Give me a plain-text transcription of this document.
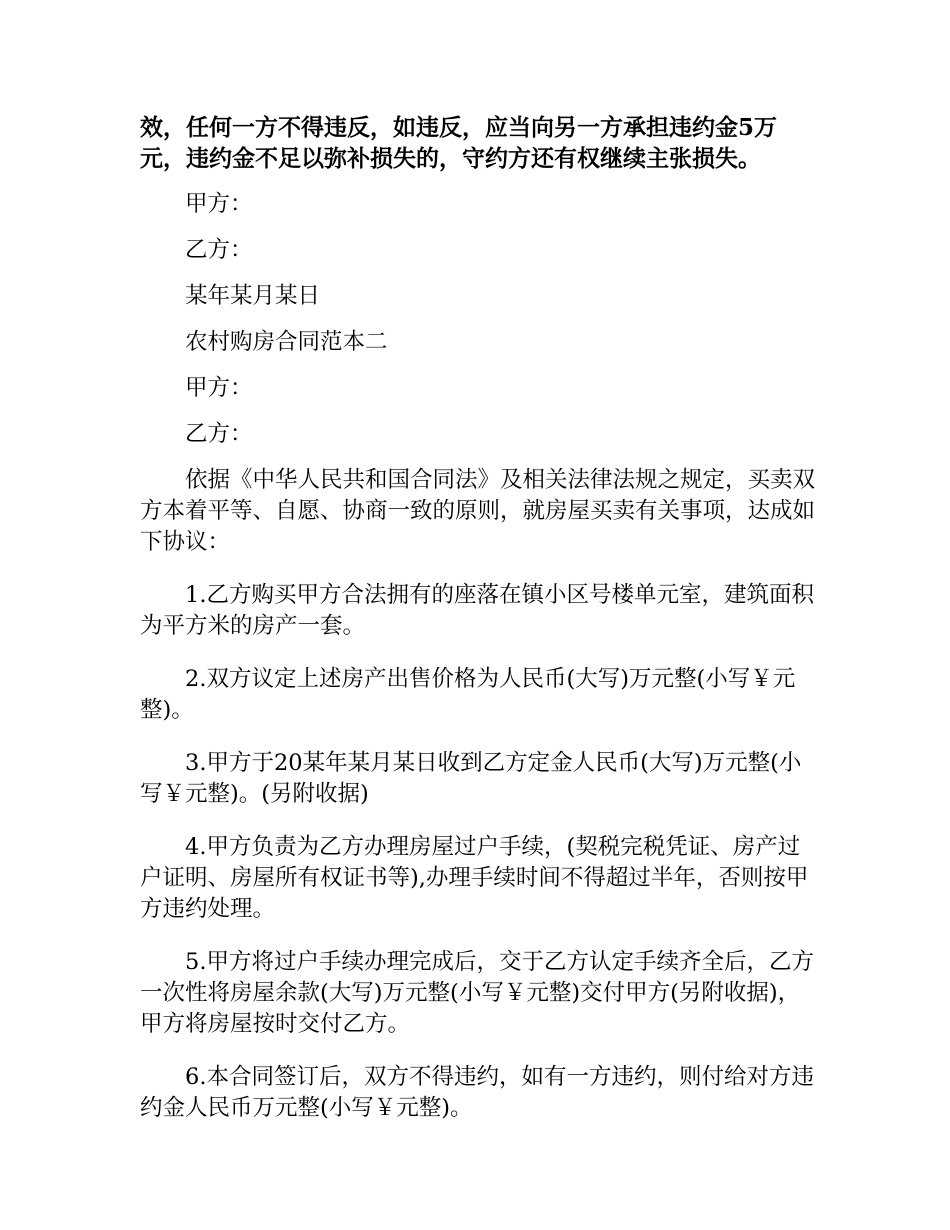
效，任何一方不得违反，如违反，应当向另一方承担违约金5万元，违约金不足以弥补损失的，守约方还有权继续主张损失。

甲方：

乙方：

某年某月某日

农村购房合同范本二

甲方：

乙方：

依据《中华人民共和国合同法》及相关法律法规之规定，买卖双方本着平等、自愿、协商一致的原则，就房屋买卖有关事项，达成如下协议：

1.乙方购买甲方合法拥有的座落在镇小区号楼单元室，建筑面积为平方米的房产一套。

2.双方议定上述房产出售价格为人民币(大写)万元整(小写￥元整)。

3.甲方于20某年某月某日收到乙方定金人民币(大写)万元整(小写￥元整)。(另附收据)

4.甲方负责为乙方办理房屋过户手续，(契税完税凭证、房产过户证明、房屋所有权证书等),办理手续时间不得超过半年，否则按甲方违约处理。

5.甲方将过户手续办理完成后，交于乙方认定手续齐全后，乙方一次性将房屋余款(大写)万元整(小写￥元整)交付甲方(另附收据)，甲方将房屋按时交付乙方。

6.本合同签订后，双方不得违约，如有一方违约，则付给对方违约金人民币万元整(小写￥元整)。
